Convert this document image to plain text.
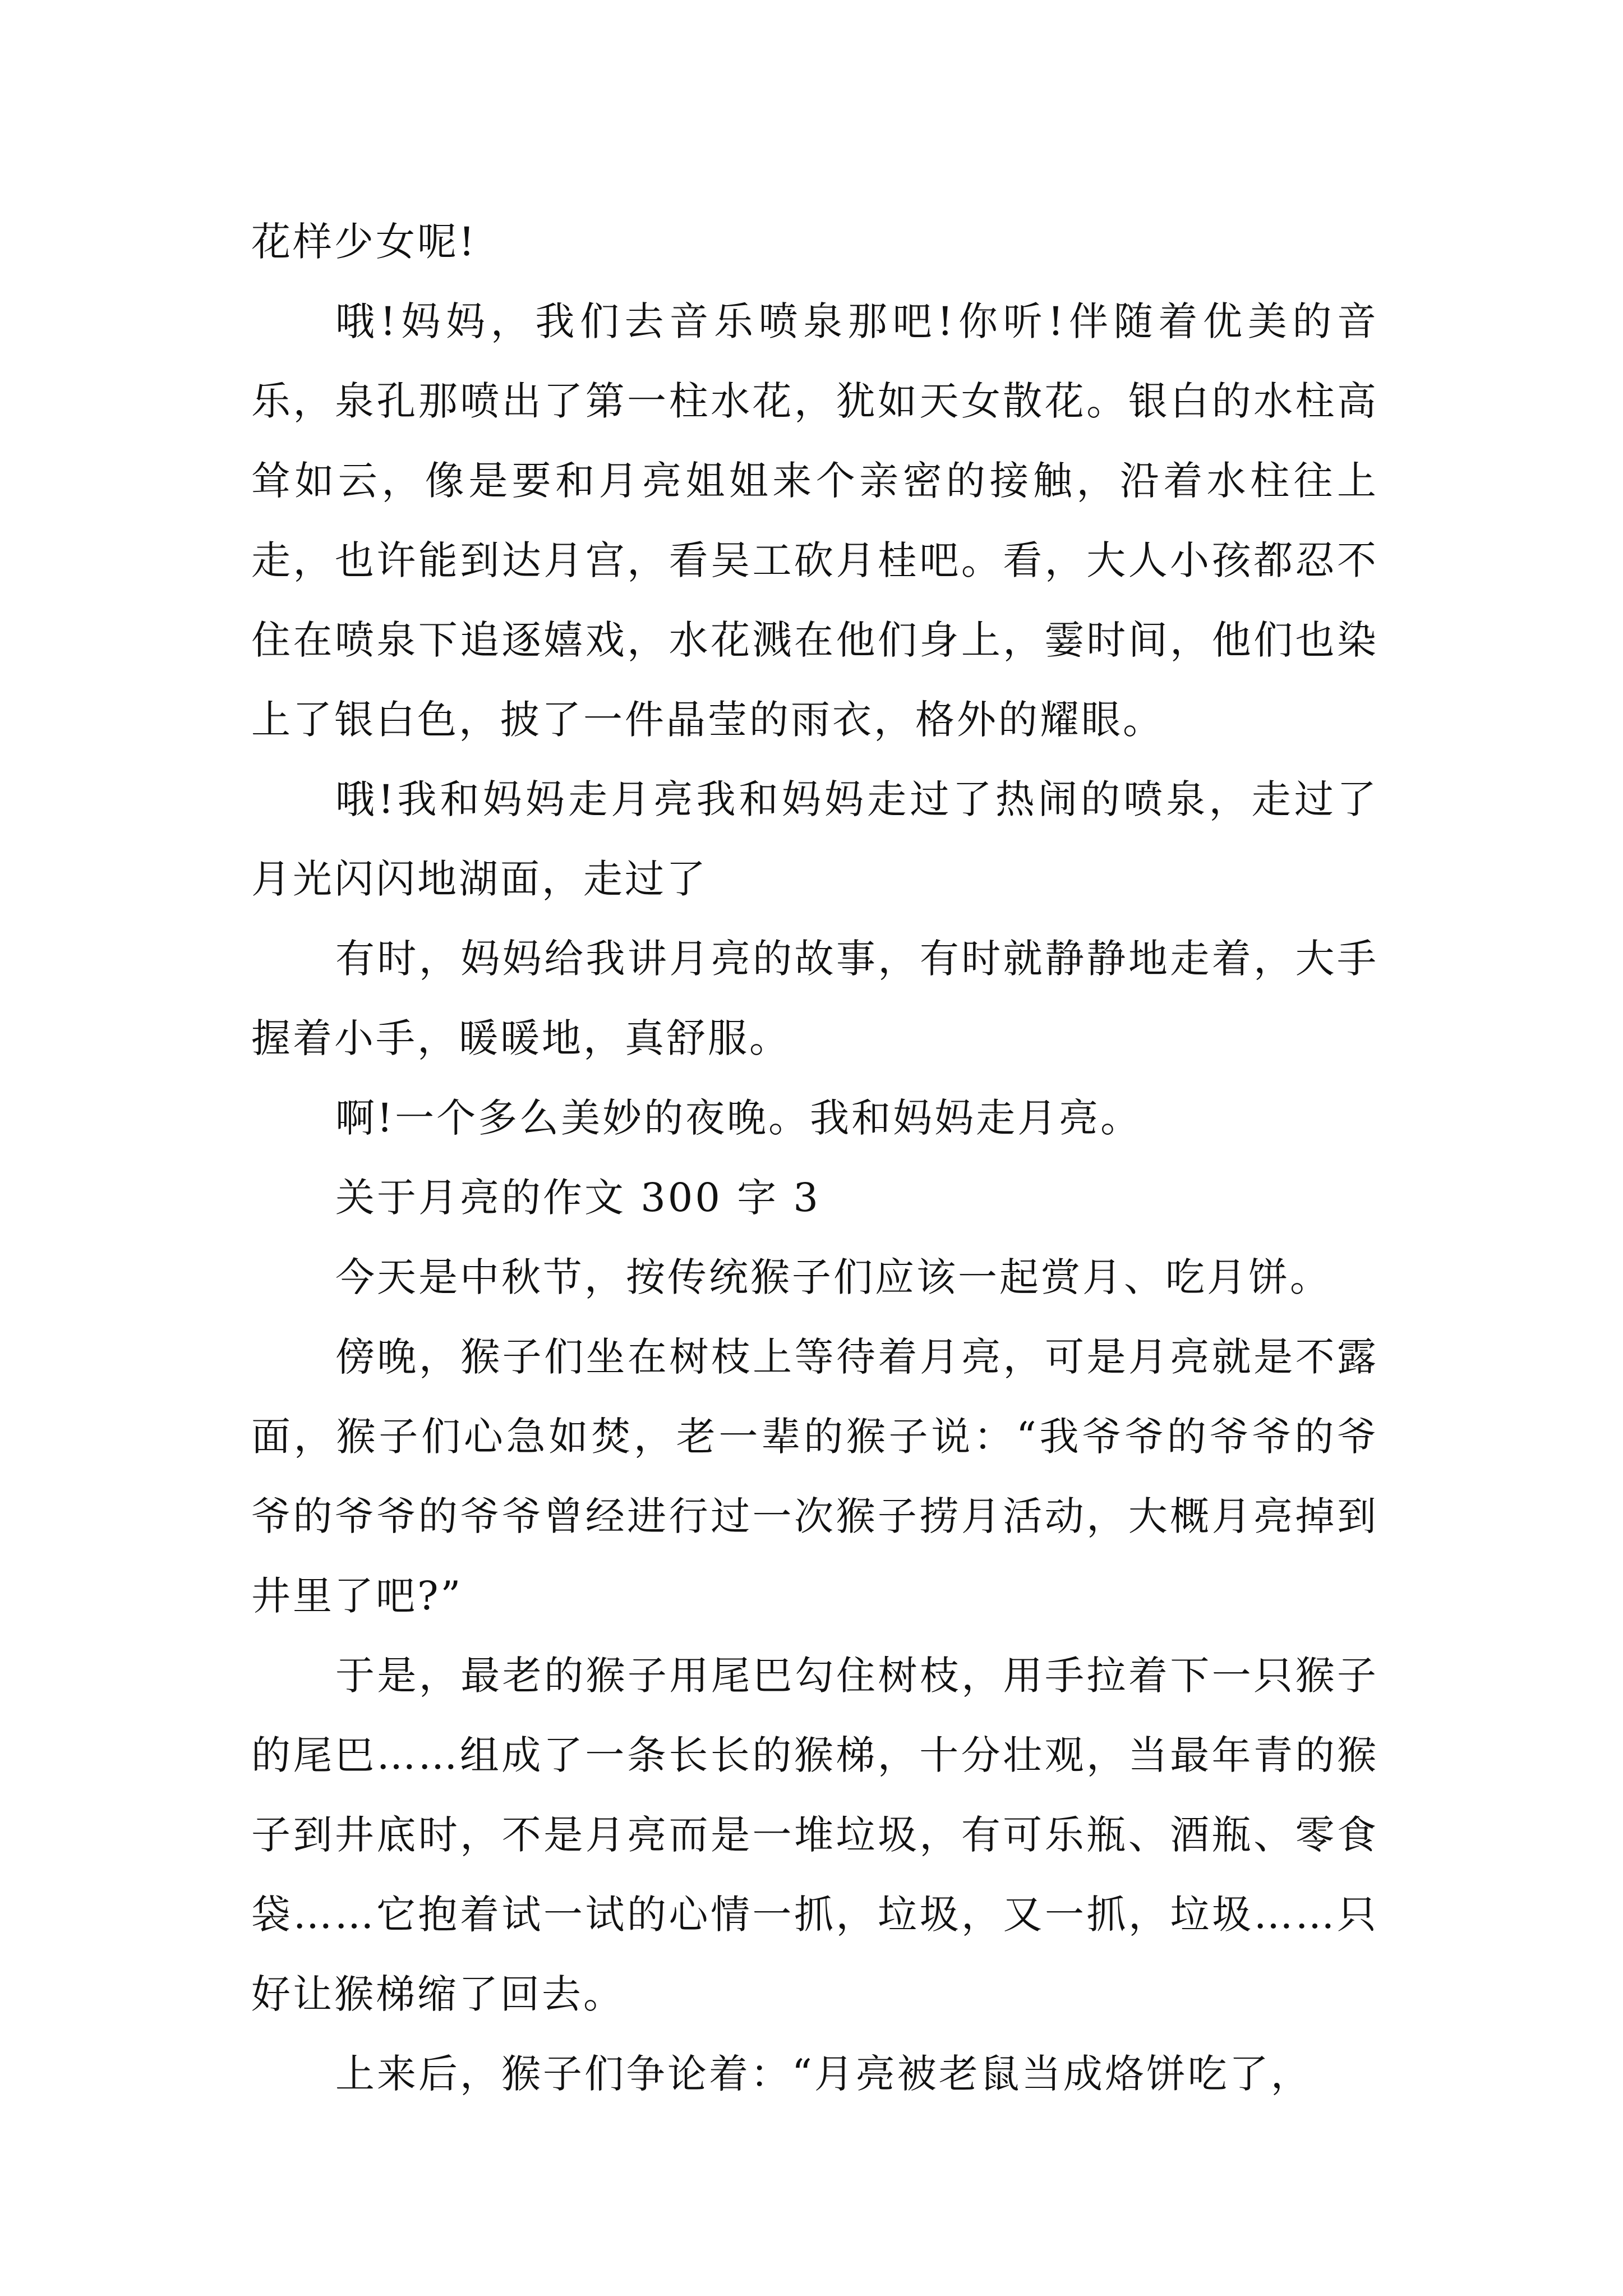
花样少女呢!

哦!妈妈，我们去音乐喷泉那吧!你听!伴随着优美的音乐，泉孔那喷出了第一柱水花，犹如天女散花。银白的水柱高耸如云，像是要和月亮姐姐来个亲密的接触，沿着水柱往上走，也许能到达月宫，看吴工砍月桂吧。看，大人小孩都忍不住在喷泉下追逐嬉戏，水花溅在他们身上，霎时间，他们也染上了银白色，披了一件晶莹的雨衣，格外的耀眼。

哦!我和妈妈走月亮我和妈妈走过了热闹的喷泉，走过了月光闪闪地湖面，走过了

有时，妈妈给我讲月亮的故事，有时就静静地走着，大手握着小手，暖暖地，真舒服。

啊!一个多么美妙的夜晚。我和妈妈走月亮。

关于月亮的作文 300 字 3

今天是中秋节，按传统猴子们应该一起赏月、吃月饼。

傍晚，猴子们坐在树枝上等待着月亮，可是月亮就是不露面，猴子们心急如焚，老一辈的猴子说：“我爷爷的爷爷的爷爷的爷爷的爷爷曾经进行过一次猴子捞月活动，大概月亮掉到井里了吧?”

于是，最老的猴子用尾巴勾住树枝，用手拉着下一只猴子的尾巴……组成了一条长长的猴梯，十分壮观，当最年青的猴子到井底时，不是月亮而是一堆垃圾，有可乐瓶、酒瓶、零食袋……它抱着试一试的心情一抓，垃圾，又一抓，垃圾……只好让猴梯缩了回去。

上来后，猴子们争论着：“月亮被老鼠当成烙饼吃了，
